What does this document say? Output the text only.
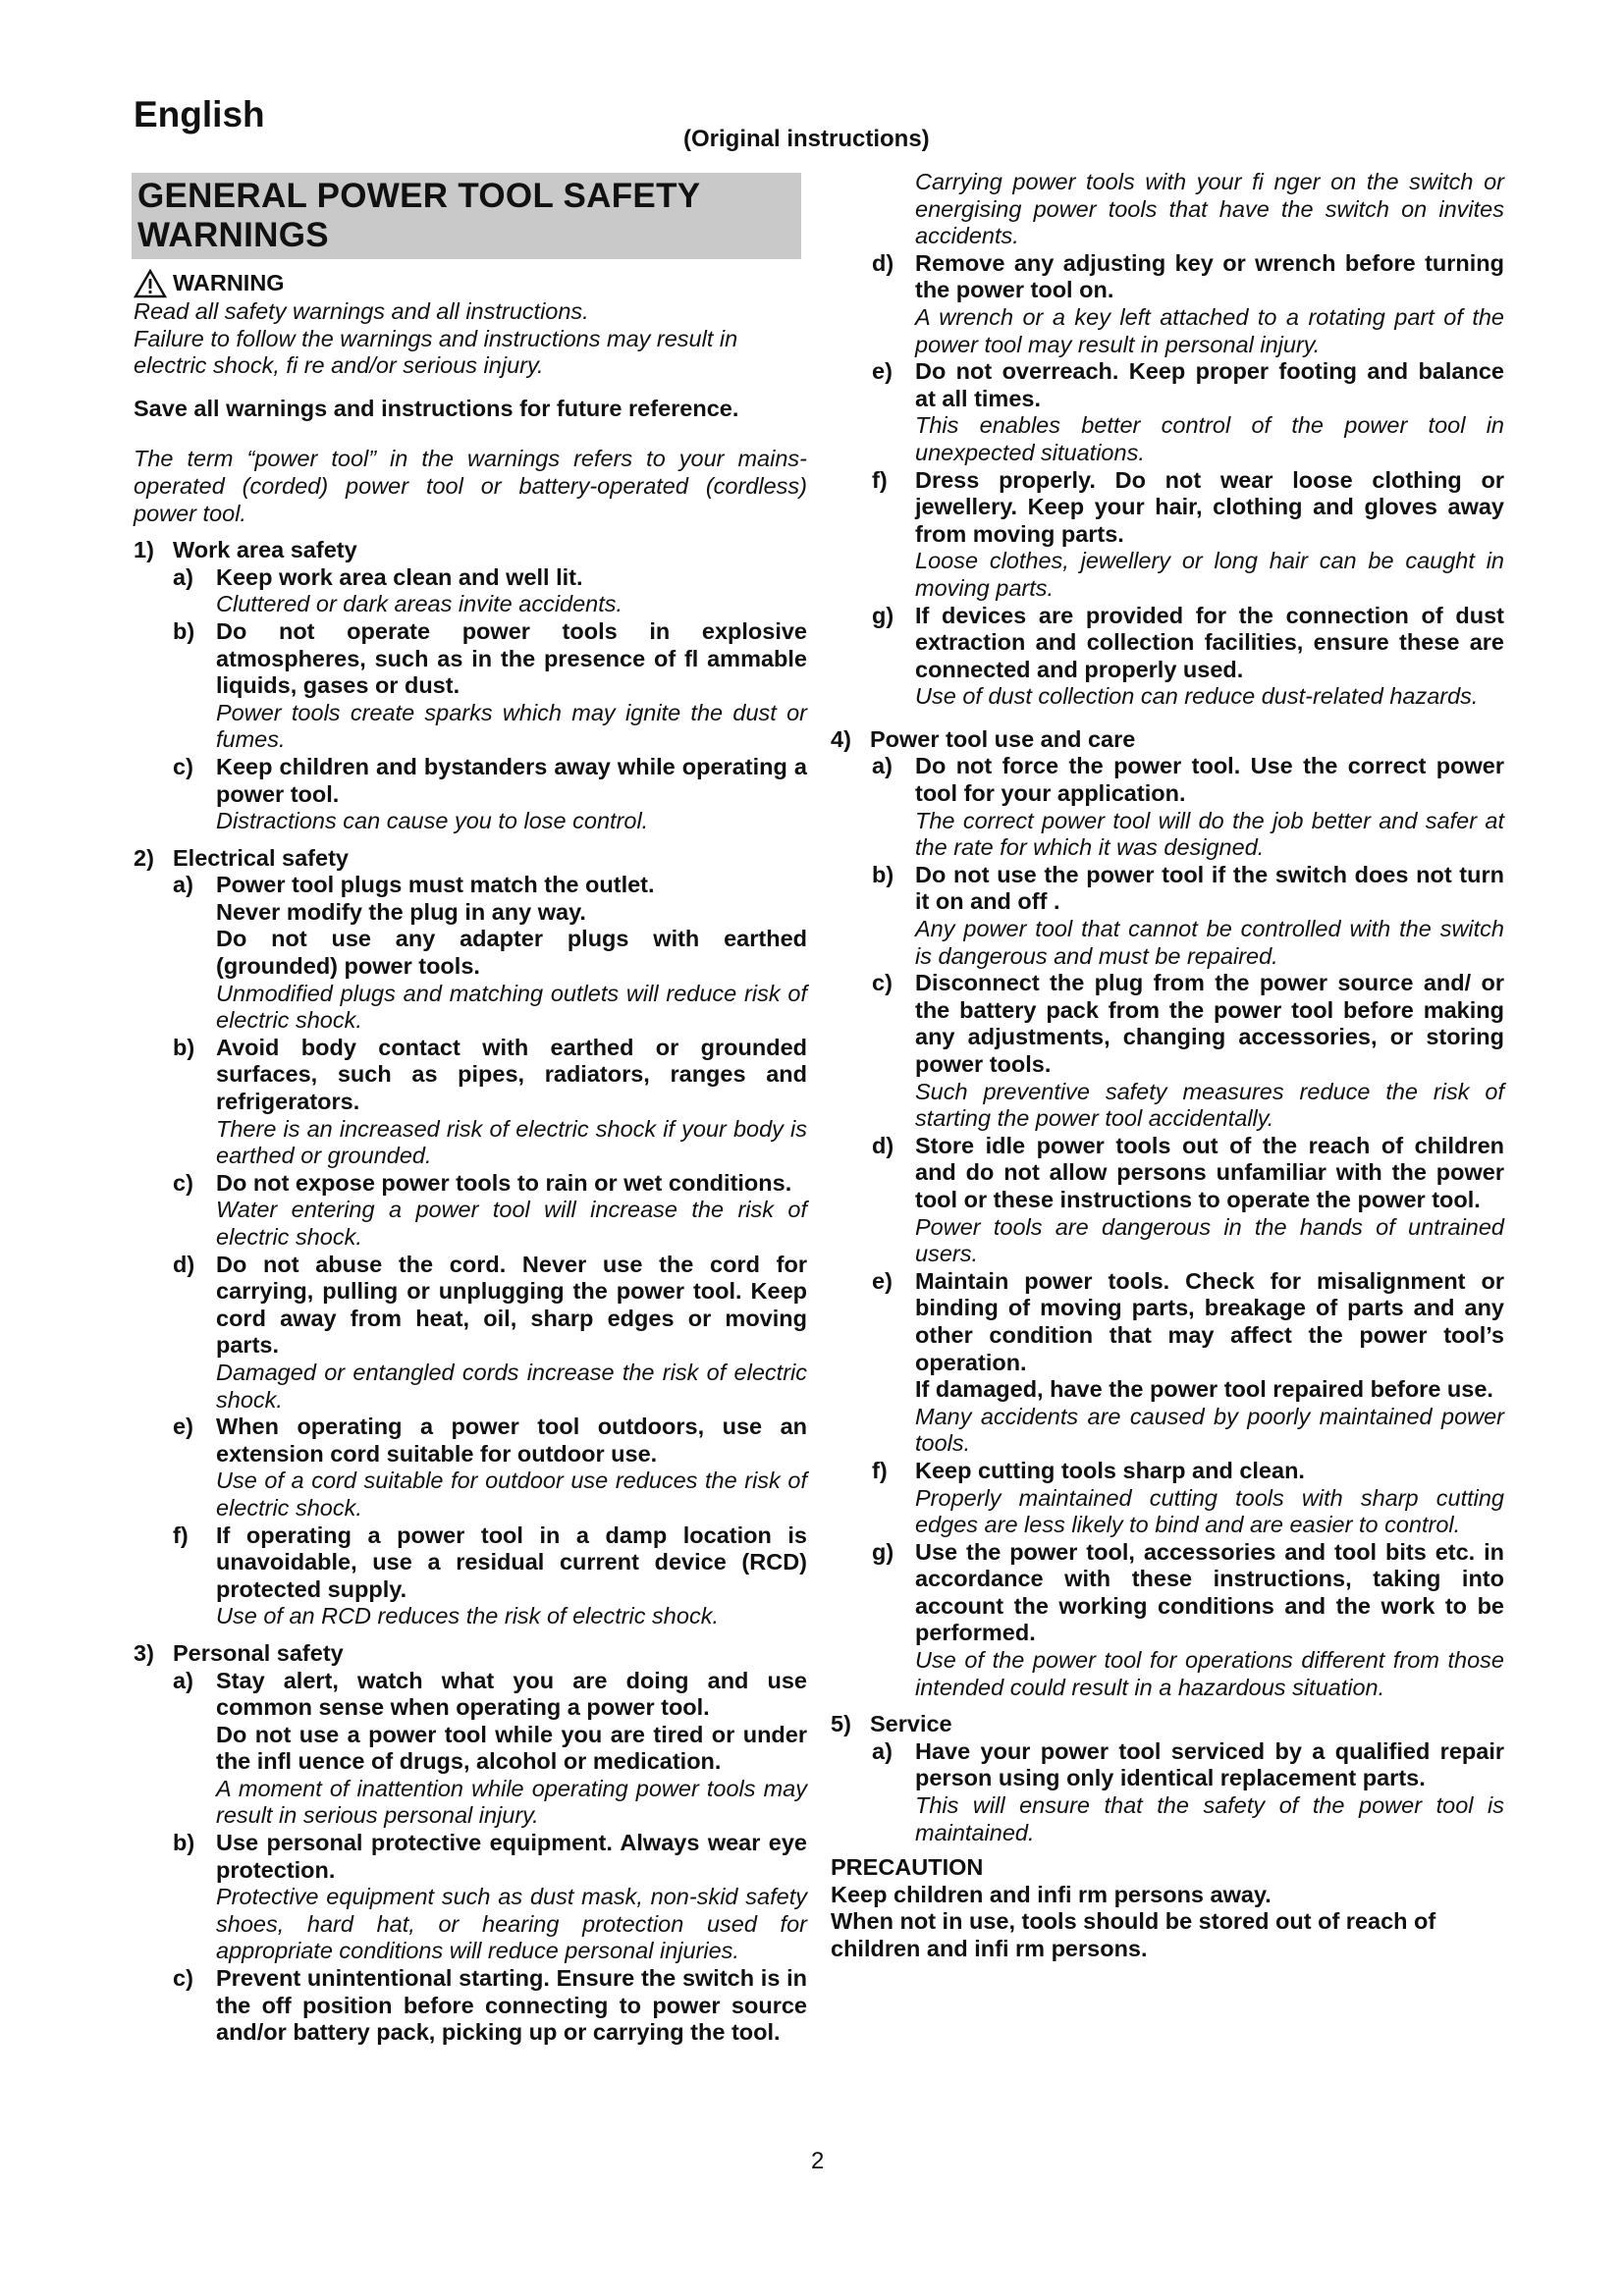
English
(Original instructions)
GENERAL POWER TOOL SAFETY
WARNINGS
WARNING
Read all safety warnings and all instructions.
Failure to follow the warnings and instructions may result in electric shock, fi re and/or serious injury.
Save all warnings and instructions for future reference.
The term “power tool” in the warnings refers to your mains-operated (corded) power tool or battery-operated (cordless) power tool.
1) Work area safety
a) Keep work area clean and well lit.
Cluttered or dark areas invite accidents.
b) Do not operate power tools in explosive atmospheres, such as in the presence of fl ammable liquids, gases or dust.
Power tools create sparks which may ignite the dust or fumes.
c) Keep children and bystanders away while operating a power tool.
Distractions can cause you to lose control.
2) Electrical safety
a) Power tool plugs must match the outlet.
Never modify the plug in any way.
Do not use any adapter plugs with earthed (grounded) power tools.
Unmodified plugs and matching outlets will reduce risk of electric shock.
b) Avoid body contact with earthed or grounded surfaces, such as pipes, radiators, ranges and refrigerators.
There is an increased risk of electric shock if your body is earthed or grounded.
c) Do not expose power tools to rain or wet conditions.
Water entering a power tool will increase the risk of electric shock.
d) Do not abuse the cord. Never use the cord for carrying, pulling or unplugging the power tool. Keep cord away from heat, oil, sharp edges or moving parts.
Damaged or entangled cords increase the risk of electric shock.
e) When operating a power tool outdoors, use an extension cord suitable for outdoor use.
Use of a cord suitable for outdoor use reduces the risk of electric shock.
f) If operating a power tool in a damp location is unavoidable, use a residual current device (RCD) protected supply.
Use of an RCD reduces the risk of electric shock.
3) Personal safety
a) Stay alert, watch what you are doing and use common sense when operating a power tool.
Do not use a power tool while you are tired or under the infl uence of drugs, alcohol or medication.
A moment of inattention while operating power tools may result in serious personal injury.
b) Use personal protective equipment. Always wear eye protection.
Protective equipment such as dust mask, non-skid safety shoes, hard hat, or hearing protection used for appropriate conditions will reduce personal injuries.
c) Prevent unintentional starting. Ensure the switch is in the off position before connecting to power source and/or battery pack, picking up or carrying the tool.
Carrying power tools with your fi nger on the switch or energising power tools that have the switch on invites accidents.
d) Remove any adjusting key or wrench before turning the power tool on.
A wrench or a key left attached to a rotating part of the power tool may result in personal injury.
e) Do not overreach. Keep proper footing and balance at all times.
This enables better control of the power tool in unexpected situations.
f) Dress properly. Do not wear loose clothing or jewellery. Keep your hair, clothing and gloves away from moving parts.
Loose clothes, jewellery or long hair can be caught in moving parts.
g) If devices are provided for the connection of dust extraction and collection facilities, ensure these are connected and properly used.
Use of dust collection can reduce dust-related hazards.
4) Power tool use and care
a) Do not force the power tool. Use the correct power tool for your application.
The correct power tool will do the job better and safer at the rate for which it was designed.
b) Do not use the power tool if the switch does not turn it on and off .
Any power tool that cannot be controlled with the switch is dangerous and must be repaired.
c) Disconnect the plug from the power source and/ or the battery pack from the power tool before making any adjustments, changing accessories, or storing power tools.
Such preventive safety measures reduce the risk of starting the power tool accidentally.
d) Store idle power tools out of the reach of children and do not allow persons unfamiliar with the power tool or these instructions to operate the power tool.
Power tools are dangerous in the hands of untrained users.
e) Maintain power tools. Check for misalignment or binding of moving parts, breakage of parts and any other condition that may affect the power tool’s operation.
If damaged, have the power tool repaired before use.
Many accidents are caused by poorly maintained power tools.
f) Keep cutting tools sharp and clean.
Properly maintained cutting tools with sharp cutting edges are less likely to bind and are easier to control.
g) Use the power tool, accessories and tool bits etc. in accordance with these instructions, taking into account the working conditions and the work to be performed.
Use of the power tool for operations different from those intended could result in a hazardous situation.
5) Service
a) Have your power tool serviced by a qualified repair person using only identical replacement parts.
This will ensure that the safety of the power tool is maintained.
PRECAUTION
Keep children and infi rm persons away.
When not in use, tools should be stored out of reach of children and infi rm persons.
2
